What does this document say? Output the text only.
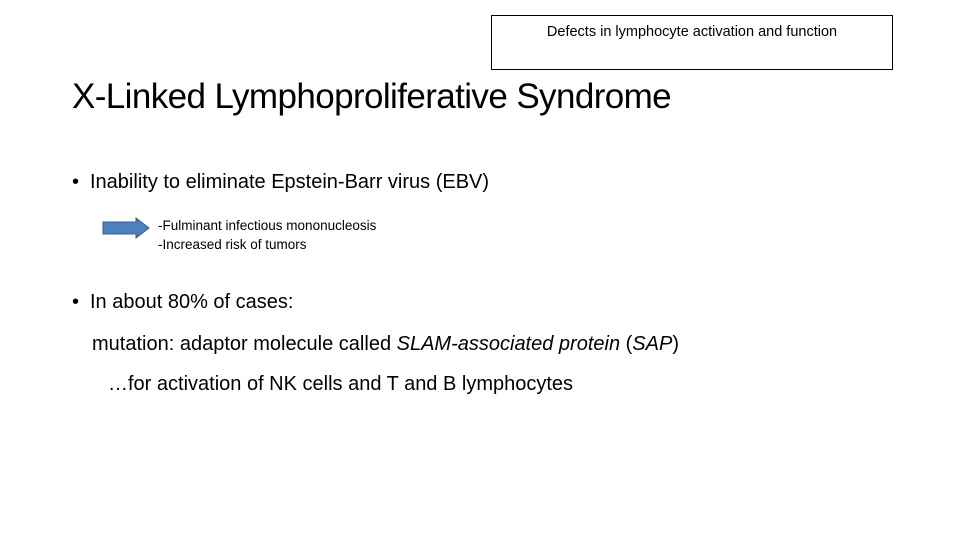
Defects in lymphocyte activation and function
X-Linked Lymphoproliferative Syndrome
• Inability to eliminate Epstein-Barr virus (EBV)
-Fulminant infectious mononucleosis
-Increased risk of tumors
• In about 80% of cases:
mutation: adaptor molecule called SLAM-associated protein (SAP)
…for activation of NK cells and T and B lymphocytes
